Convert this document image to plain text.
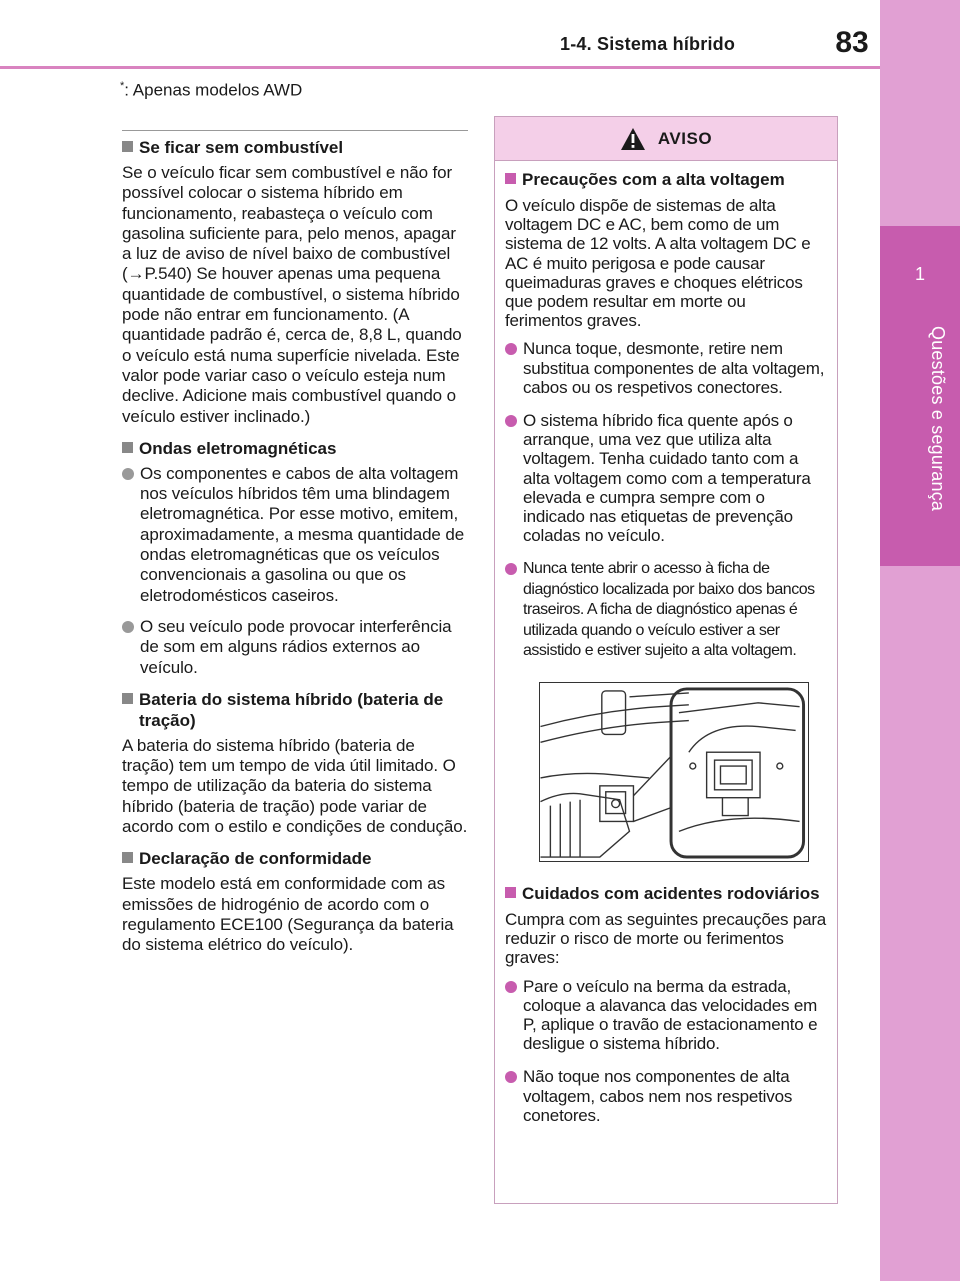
1-4. Sistema híbrido	83
1
Questões e segurança
*: Apenas modelos AWD
Se ficar sem combustível

Se o veículo ficar sem combustível e não for possível colocar o sistema híbrido em funcionamento, reabasteça o veículo com gasolina suficiente para, pelo menos, apagar a luz de aviso de nível baixo de combustível (→P.540) Se houver apenas uma pequena quantidade de combustível, o sistema híbrido pode não entrar em funcionamento. (A quantidade padrão é, cerca de, 8,8 L, quando o veículo está numa superfície nivelada. Este valor pode variar caso o veículo esteja num declive. Adicione mais combustível quando o veículo estiver inclinado.)

Ondas eletromagnéticas
Os componentes e cabos de alta voltagem nos veículos híbridos têm uma blindagem eletromagnética. Por esse motivo, emitem, aproximadamente, a mesma quantidade de ondas eletromagnéticas que os veículos convencionais a gasolina ou que os eletrodomésticos caseiros.
O seu veículo pode provocar interferência de som em alguns rádios externos ao veículo.
Bateria do sistema híbrido (bateria de tração)

A bateria do sistema híbrido (bateria de tração) tem um tempo de vida útil limitado. O tempo de utilização da bateria do sistema híbrido (bateria de tração) pode variar de acordo com o estilo e condições de condução.

Declaração de conformidade

Este modelo está em conformidade com as emissões de hidrogénio de acordo com o regulamento ECE100 (Segurança da bateria do sistema elétrico do veículo).

AVISO
Precauções com a alta voltagem

O veículo dispõe de sistemas de alta voltagem DC e AC, bem como de um sistema de 12 volts. A alta voltagem DC e AC é muito perigosa e pode causar queimaduras graves e choques elétricos que podem resultar em morte ou ferimentos graves.

Nunca toque, desmonte, retire nem substitua componentes de alta voltagem, cabos ou os respetivos conectores.
O sistema híbrido fica quente após o arranque, uma vez que utiliza alta voltagem. Tenha cuidado tanto com a alta voltagem como com a temperatura elevada e cumpra sempre com o indicado nas etiquetas de prevenção coladas no veículo.
Nunca tente abrir o acesso à ficha de diagnóstico localizada por baixo dos bancos traseiros. A ficha de diagnóstico apenas é utilizada quando o veículo estiver a ser assistido e estiver sujeito a alta voltagem.
Cuidados com acidentes rodoviários

Cumpra com as seguintes precauções para reduzir o risco de morte ou ferimentos graves:

Pare o veículo na berma da estrada, coloque a alavanca das velocidades em P, aplique o travão de estacionamento e desligue o sistema híbrido.
Não toque nos componentes de alta voltagem, cabos nem nos respetivos conetores.
